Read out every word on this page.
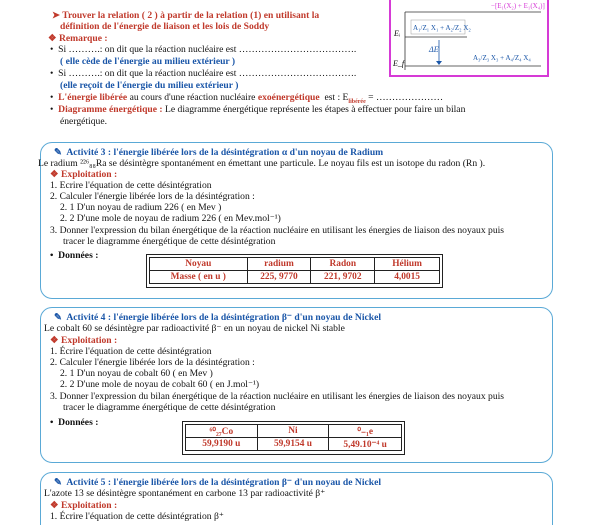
➤ Trouver la relation ( 2 ) à partir de la relation (1) en utilisant la
définition de l'énergie de liaison et les lois de Soddy
❖ Remarque :
•  Si ……….: on dit que la réaction nucléaire est ……………………………….
( elle cède de l'énergie au milieu extérieur )
•  Si ……….: on dit que la réaction nucléaire est ……………………………….
(elle reçoit de l'énergie du milieu extérieur )
•  L'énergie libérée au cours d'une réaction nucléaire exoénergétique est : $E_{libérée}$ = …………………
•  Diagramme énergétique : Le diagramme énergétique représente les étapes à effectuer pour faire un bilan
énergétique.
−[E₁(X₂) + E₁(X₄)]
Eᵢ
E_f
A₁/Z₁ X₁ + A₂/Z₂ X₂
ΔE
A₃/Z₃ X₃ + A₄/Z₄ X₄
✎  Activité 3 : l'énergie libérée lors de la désintégration α d'un noyau de Radium
Le radium ²²⁶₈₈Ra se désintègre spontanément en émettant une particule. Le noyau fils est un isotope du radon (Rn ).
❖ Exploitation :
1. Ecrire l'équation de cette désintégration
2. Calculer l'énergie libérée lors de la désintégration :
2. 1 D'un noyau de radium 226 ( en Mev )
2. 2 D'une mole de noyau de radium 226 ( en Mev.mol⁻¹)
3. Donner l'expression du bilan énergétique de la réaction nucléaire en utilisant les énergies de liaison des noyaux puis
tracer le diagramme énergétique de cette désintégration
•  Données :
Noyau	radium	Radon	Hélium
Masse ( en u )	225, 9770	221, 9702	4,0015
✎  Activité 4 : l'énergie libérée lors de la désintégration β⁻ d'un noyau de Nickel
Le cobalt 60 se désintègre par radioactivité β⁻ en un noyau de nickel Ni stable
❖ Exploitation :
1. Écrire l'équation de cette désintégration
2. Calculer l'énergie libérée lors de la désintégration :
2. 1 D'un noyau de cobalt 60 ( en Mev )
2. 2 D'une mole de noyau de cobalt 60 ( en J.mol⁻¹)
3. Donner l'expression du bilan énergétique de la réaction nucléaire en utilisant les énergies de liaison des noyaux puis
tracer le diagramme énergétique de cette désintégration
•  Données :
⁶⁰₂₇Co	Ni	⁰₋₁e
59,9190 u	59,9154 u	5,49.10⁻⁴ u
✎  Activité 5 : l'énergie libérée lors de la désintégration β⁻ d'un noyau de Nickel
L'azote 13 se désintègre spontanément en carbone 13 par radioactivité β⁺
❖ Exploitation :
1. Écrire l'équation de cette désintégration β⁺
